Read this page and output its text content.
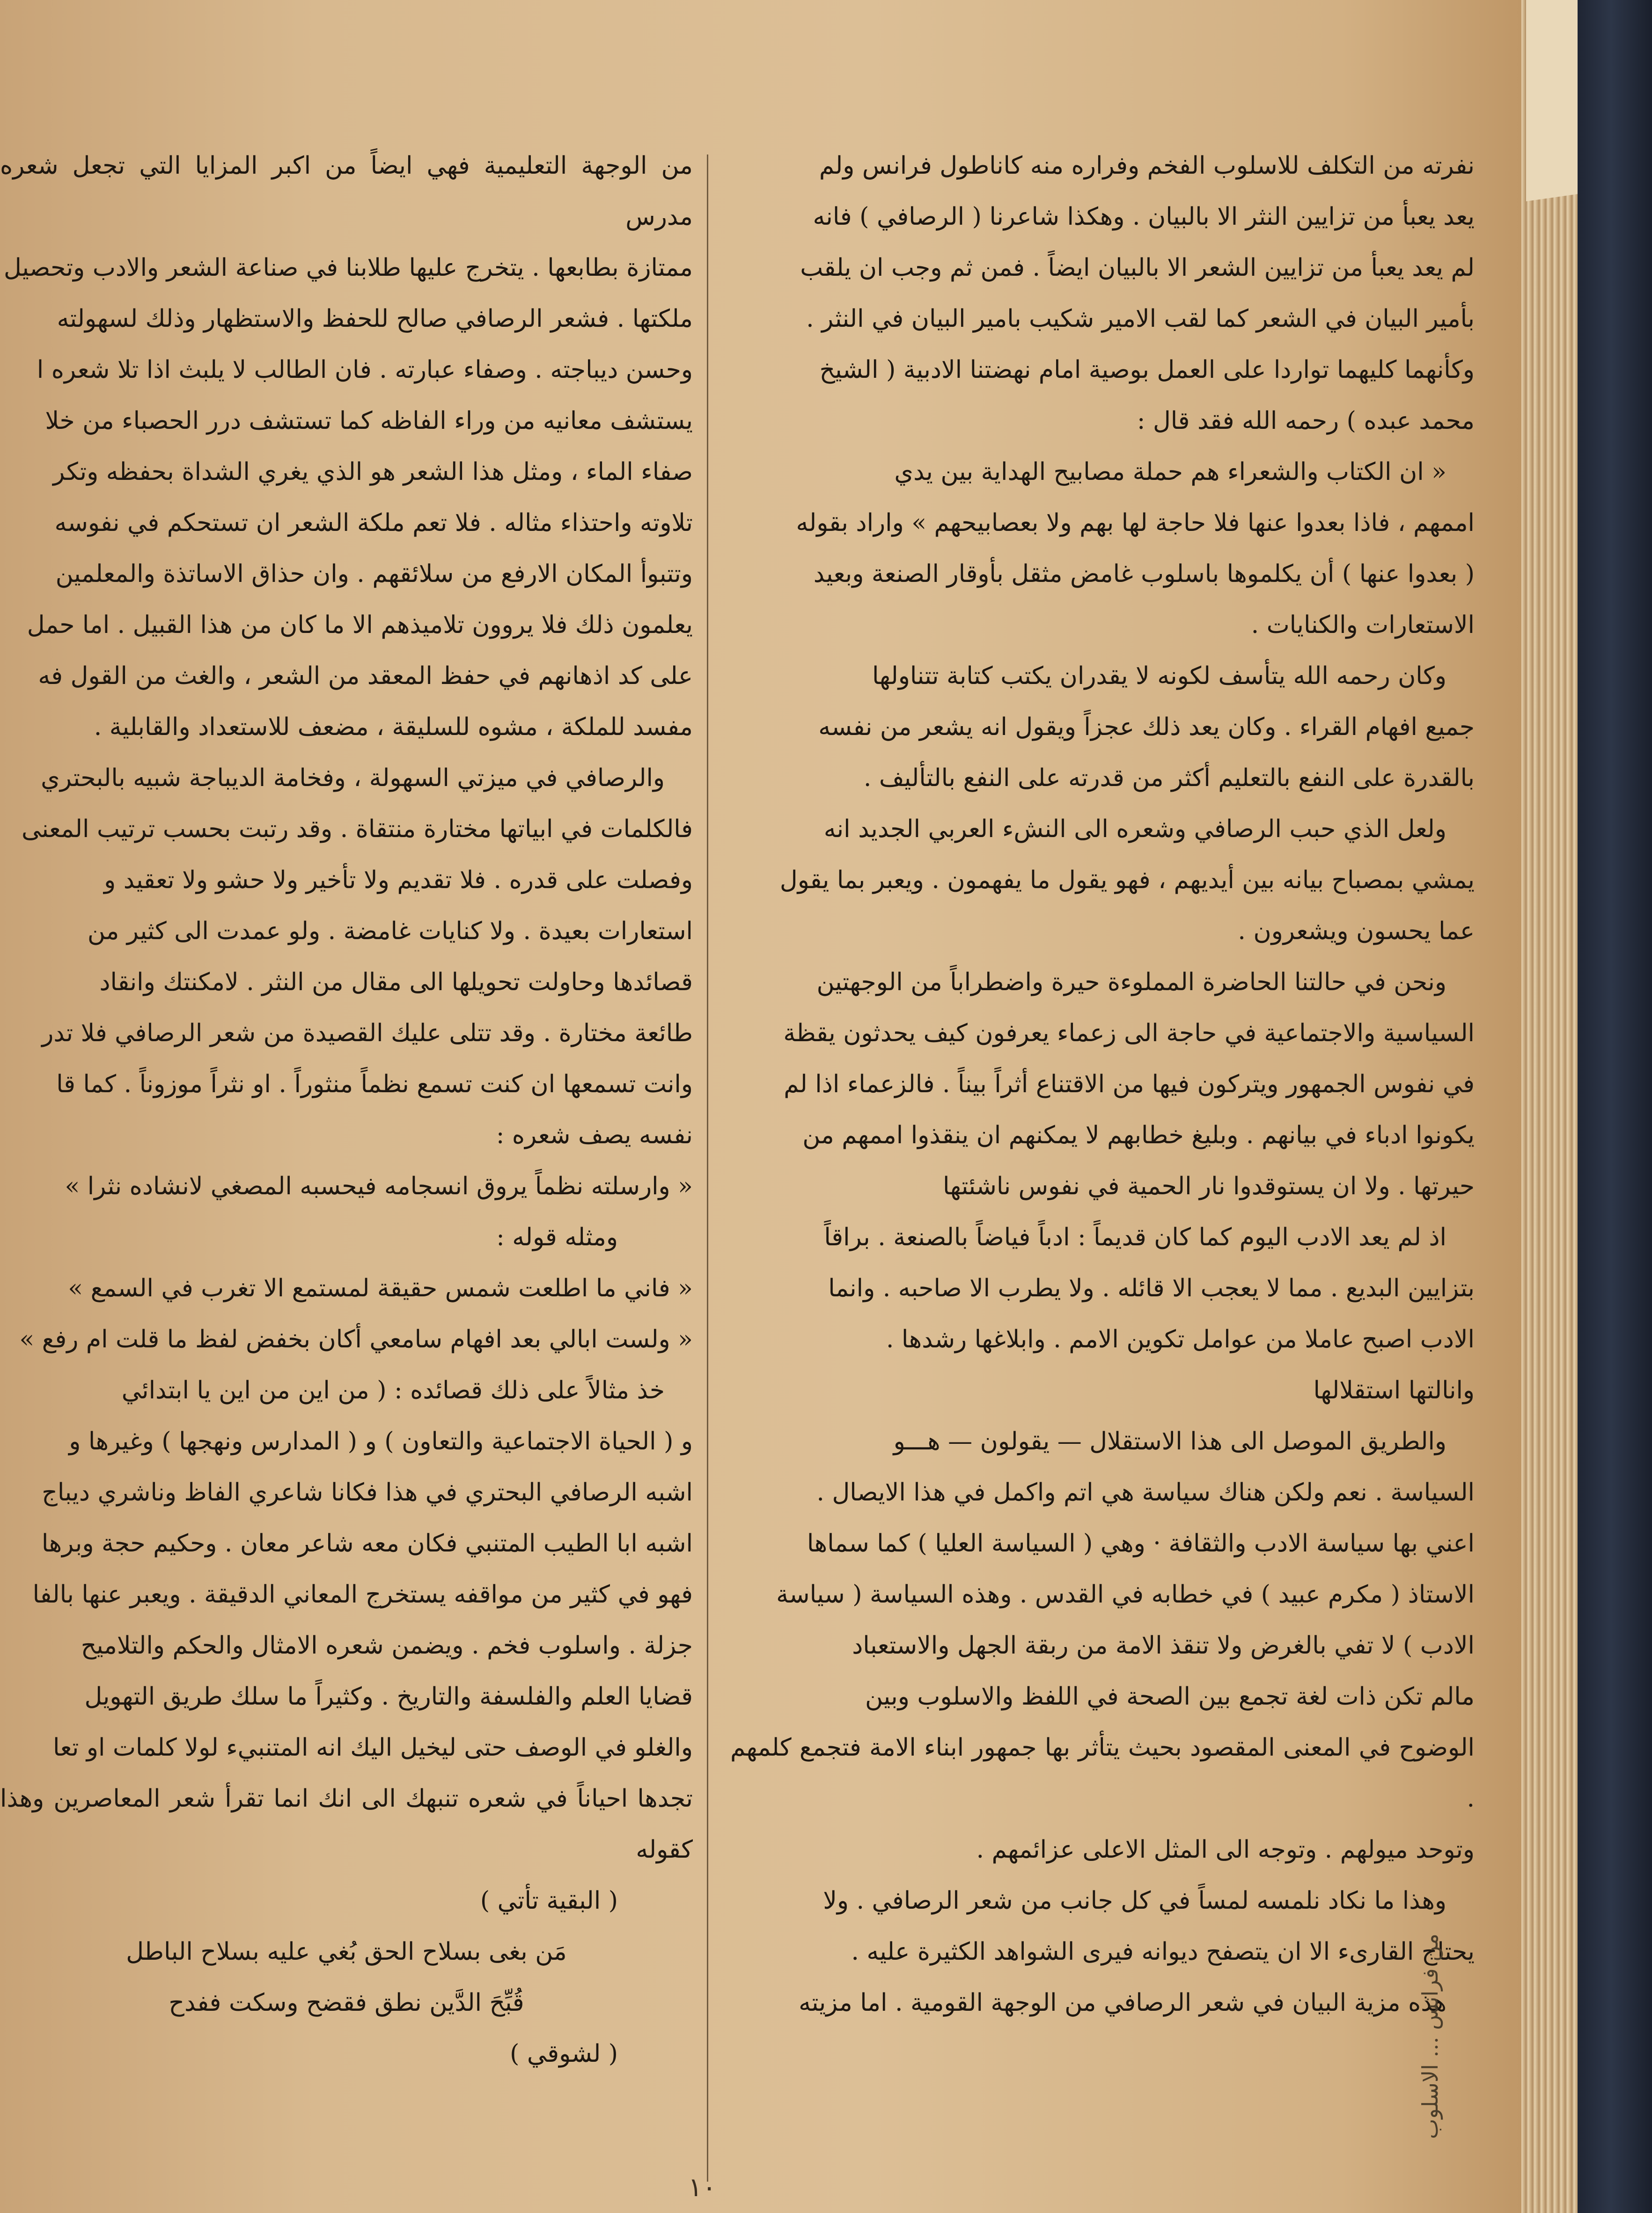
نفرته من التكلف للاسلوب الفخم وفراره منه كاناطول فرانس ولم

يعد يعبأ من تزايين النثر الا بالبيان . وهكذا شاعرنا ( الرصافي ) فانه

لم يعد يعبأ من تزايين الشعر الا بالبيان ايضاً . فمن ثم وجب ان يلقب

بأمير البيان في الشعر كما لقب الامير شكيب بامير البيان في النثر .

وكأنهما كليهما تواردا على العمل بوصية امام نهضتنا الادبية ( الشيخ

محمد عبده ) رحمه الله فقد قال :

« ان الكتاب والشعراء هم حملة مصابيح الهداية بين يدي

اممهم ، فاذا بعدوا عنها فلا حاجة لها بهم ولا بعصابيحهم » واراد بقوله

( بعدوا عنها ) أن يكلموها باسلوب غامض مثقل بأوقار الصنعة وبعيد

الاستعارات والكنايات .

وكان رحمه الله يتأسف لكونه لا يقدران يكتب كتابة تتناولها

جميع افهام القراء . وكان يعد ذلك عجزاً ويقول انه يشعر من نفسه

بالقدرة على النفع بالتعليم أكثر من قدرته على النفع بالتأليف .

ولعل الذي حبب الرصافي وشعره الى النشء العربي الجديد انه

يمشي بمصباح بيانه بين أيديهم ، فهو يقول ما يفهمون . ويعبر بما يقول

عما يحسون ويشعرون .

ونحن في حالتنا الحاضرة المملوءة حيرة واضطراباً من الوجهتين

السياسية والاجتماعية في حاجة الى زعماء يعرفون كيف يحدثون يقظة

في نفوس الجمهور ويتركون فيها من الاقتناع أثراً بيناً . فالزعماء اذا لم

يكونوا ادباء في بيانهم . وبليغ خطابهم لا يمكنهم ان ينقذوا اممهم من

حيرتها . ولا ان يستوقدوا نار الحمية في نفوس ناشئتها

اذ لم يعد الادب اليوم كما كان قديماً : ادباً فياضاً بالصنعة . براقاً

بتزايين البديع . مما لا يعجب الا قائله . ولا يطرب الا صاحبه . وانما

الادب اصبح عاملا من عوامل تكوين الامم . وابلاغها رشدها .

وانالتها استقلالها

والطريق الموصل الى هذا الاستقلال — يقولون — هـــو

السياسة . نعم ولكن هناك سياسة هي اتم واكمل في هذا الايصال .

اعني بها سياسة الادب والثقافة · وهي ( السياسة العليا ) كما سماها

الاستاذ ( مكرم عبيد ) في خطابه في القدس . وهذه السياسة ( سياسة

الادب ) لا تفي بالغرض ولا تنقذ الامة من ربقة الجهل والاستعباد

مالم تكن ذات لغة تجمع بين الصحة في اللفظ والاسلوب وبين

الوضوح في المعنى المقصود بحيث يتأثر بها جمهور ابناء الامة فتجمع كلمهم .

وتوحد ميولهم . وتوجه الى المثل الاعلى عزائمهم .

وهذا ما نكاد نلمسه لمساً في كل جانب من شعر الرصافي . ولا

يحتاج القارىء الا ان يتصفح ديوانه فيرى الشواهد الكثيرة عليه .

هذه مزية البيان في شعر الرصافي من الوجهة القومية . اما مزيته

من الوجهة التعليمية فهي ايضاً من اكبر المزايا التي تجعل شعره مدرس

ممتازة بطابعها . يتخرج عليها طلابنا في صناعة الشعر والادب وتحصيل

ملكتها . فشعر الرصافي صالح للحفظ والاستظهار وذلك لسهولته

وحسن ديباجته . وصفاء عبارته . فان الطالب لا يلبث اذا تلا شعره ا

يستشف معانيه من وراء الفاظه كما تستشف درر الحصباء من خلا

صفاء الماء ، ومثل هذا الشعر هو الذي يغري الشداة بحفظه وتكر

تلاوته واحتذاء مثاله . فلا تعم ملكة الشعر ان تستحكم في نفوسه

وتتبوأ المكان الارفع من سلائقهم . وان حذاق الاساتذة والمعلمين

يعلمون ذلك فلا يروون تلاميذهم الا ما كان من هذا القبيل . اما حمل

على كد اذهانهم في حفظ المعقد من الشعر ، والغث من القول فه

مفسد للملكة ، مشوه للسليقة ، مضعف للاستعداد والقابلية .

والرصافي في ميزتي السهولة ، وفخامة الديباجة شبيه بالبحتري

فالكلمات في ابياتها مختارة منتقاة . وقد رتبت بحسب ترتيب المعنى

وفصلت على قدره . فلا تقديم ولا تأخير ولا حشو ولا تعقيد و

استعارات بعيدة . ولا كنايات غامضة . ولو عمدت الى كثير من

قصائدها وحاولت تحويلها الى مقال من النثر . لامكنتك وانقاد

طائعة مختارة . وقد تتلى عليك القصيدة من شعر الرصافي فلا تدر

وانت تسمعها ان كنت تسمع نظماً منثوراً . او نثراً موزوناً . كما قا

نفسه يصف شعره :

« وارسلته نظماً يروق انسجامه فيحسبه المصغي لانشاده نثرا »

ومثله قوله :

« فاني ما اطلعت شمس حقيقة لمستمع الا تغرب في السمع »

« ولست ابالي بعد افهام سامعي أكان بخفض لفظ ما قلت ام رفع »

خذ مثالاً على ذلك قصائده : ( من اين من اين يا ابتدائي

و ( الحياة الاجتماعية والتعاون ) و ( المدارس ونهجها ) وغيرها و

اشبه الرصافي البحتري في هذا فكانا شاعري الفاظ وناشري ديباج

اشبه ابا الطيب المتنبي فكان معه شاعر معان . وحكيم حجة وبرها

فهو في كثير من مواقفه يستخرج المعاني الدقيقة . ويعبر عنها بالفا

جزلة . واسلوب فخم . ويضمن شعره الامثال والحكم والتلاميح

قضايا العلم والفلسفة والتاريخ . وكثيراً ما سلك طريق التهويل

والغلو في الوصف حتى ليخيل اليك انه المتنبيء لولا كلمات او تعا

تجدها احياناً في شعره تنبهك الى انك انما تقرأ شعر المعاصرين وهذا كقوله

( البقية تأتي )

مَن بغى بسلاح الحق بُغي عليه بسلاح الباطل

قُبِّحَ الدَّين نطق فقضح وسكت ففدح

( لشوقي )	من فرانس ... الاسلوب
١٠
